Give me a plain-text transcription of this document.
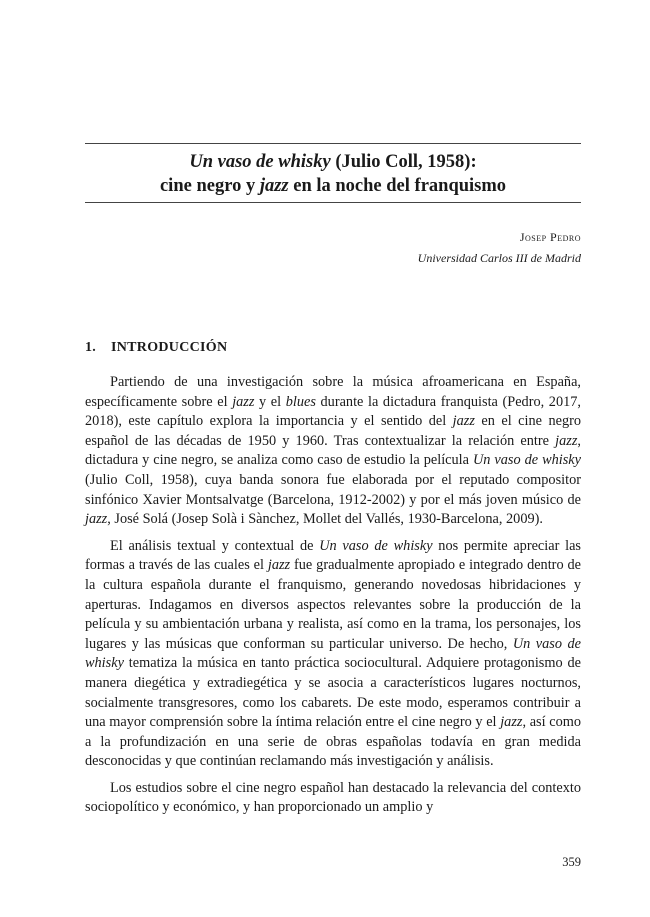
Un vaso de whisky (Julio Coll, 1958):
cine negro y jazz en la noche del franquismo
Josep Pedro
Universidad Carlos III de Madrid
1. INTRODUCCIÓN

Partiendo de una investigación sobre la música afroamericana en España, específicamente sobre el jazz y el blues durante la dictadura franquista (Pedro, 2017, 2018), este capítulo explora la importancia y el sentido del jazz en el cine negro español de las décadas de 1950 y 1960. Tras contextualizar la relación entre jazz, dictadura y cine negro, se analiza como caso de estudio la película Un vaso de whisky (Julio Coll, 1958), cuya banda sonora fue elaborada por el reputado compositor sinfónico Xavier Montsalvatge (Barcelona, 1912-2002) y por el más joven músico de jazz, José Solá (Josep Solà i Sànchez, Mollet del Vallés, 1930-Barcelona, 2009).

El análisis textual y contextual de Un vaso de whisky nos permite apreciar las formas a través de las cuales el jazz fue gradualmente apropiado e integrado dentro de la cultura española durante el franquismo, generando novedosas hibridaciones y aperturas. Indagamos en diversos aspectos relevantes sobre la producción de la película y su ambientación urbana y realista, así como en la trama, los personajes, los lugares y las músicas que conforman su particular universo. De hecho, Un vaso de whisky tematiza la música en tanto práctica sociocultural. Adquiere protagonismo de manera diegética y extradiegética y se asocia a característicos lugares nocturnos, socialmente transgresores, como los cabarets. De este modo, esperamos contribuir a una mayor comprensión sobre la íntima relación entre el cine negro y el jazz, así como a la profundización en una serie de obras españolas todavía en gran medida desconocidas y que continúan reclamando más investigación y análisis.

Los estudios sobre el cine negro español han destacado la relevancia del contexto sociopolítico y económico, y han proporcionado un amplio y

359
